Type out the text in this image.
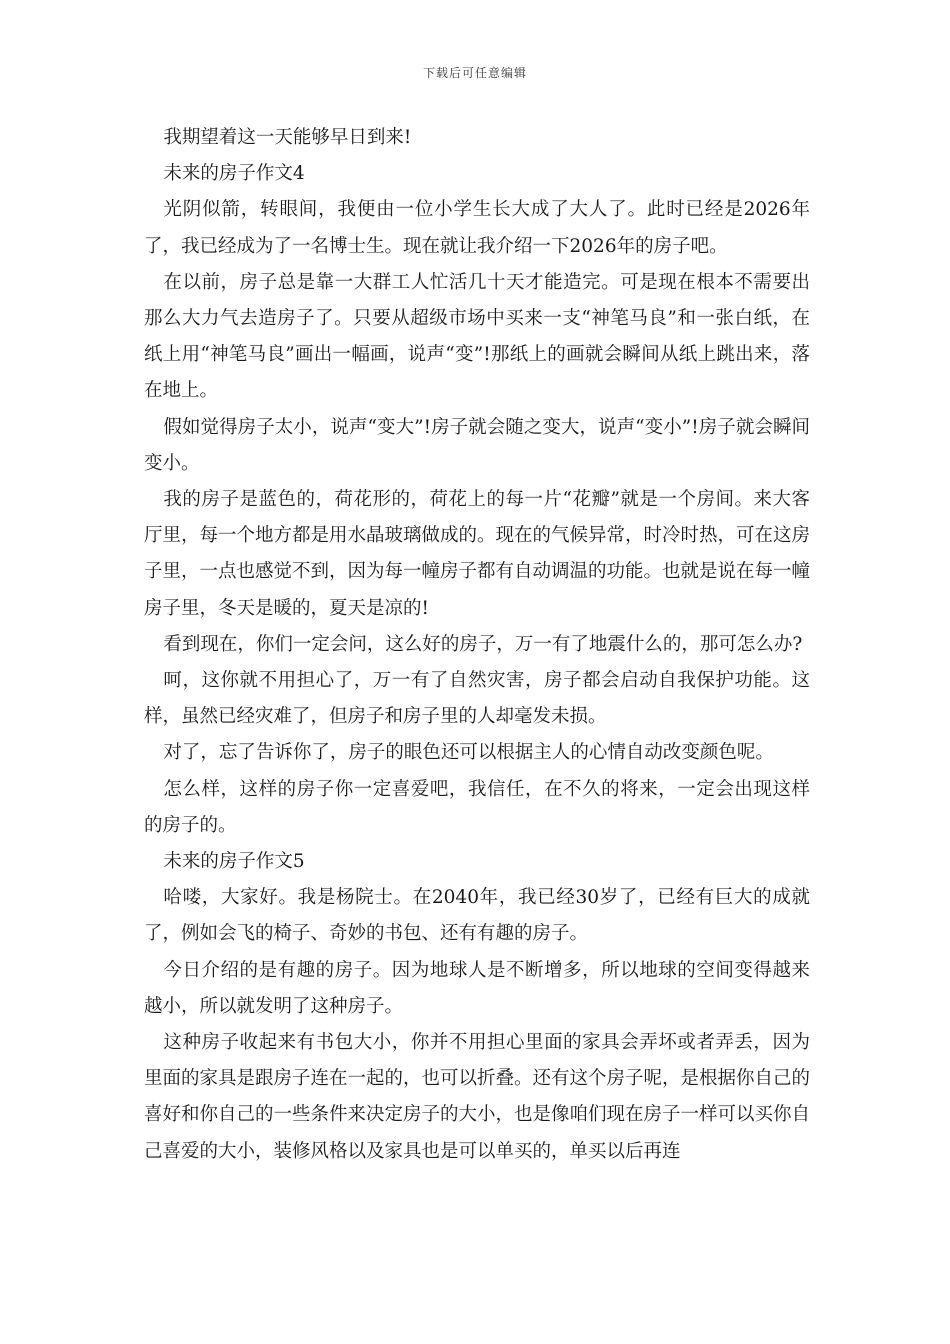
下载后可任意编辑

我期望着这一天能够早日到来!

未来的房子作文4

光阴似箭，转眼间，我便由一位小学生长大成了大人了。此时已经是2026年了，我已经成为了一名博士生。现在就让我介绍一下2026年的房子吧。

在以前，房子总是靠一大群工人忙活几十天才能造完。可是现在根本不需要出那么大力气去造房子了。只要从超级市场中买来一支“神笔马良”和一张白纸，在纸上用“神笔马良”画出一幅画，说声“变”!那纸上的画就会瞬间从纸上跳出来，落在地上。

假如觉得房子太小，说声“变大”!房子就会随之变大，说声“变小”!房子就会瞬间变小。

我的房子是蓝色的，荷花形的，荷花上的每一片“花瓣”就是一个房间。来大客厅里，每一个地方都是用水晶玻璃做成的。现在的气候异常，时冷时热，可在这房子里，一点也感觉不到，因为每一幢房子都有自动调温的功能。也就是说在每一幢房子里，冬天是暖的，夏天是凉的!

看到现在，你们一定会问，这么好的房子，万一有了地震什么的，那可怎么办?

呵，这你就不用担心了，万一有了自然灾害，房子都会启动自我保护功能。这样，虽然已经灾难了，但房子和房子里的人却毫发未损。

对了，忘了告诉你了，房子的眼色还可以根据主人的心情自动改变颜色呢。

怎么样，这样的房子你一定喜爱吧，我信任，在不久的将来，一定会出现这样的房子的。

未来的房子作文5

哈喽，大家好。我是杨院士。在2040年，我已经30岁了，已经有巨大的成就了，例如会飞的椅子、奇妙的书包、还有有趣的房子。

今日介绍的是有趣的房子。因为地球人是不断增多，所以地球的空间变得越来越小，所以就发明了这种房子。

这种房子收起来有书包大小，你并不用担心里面的家具会弄坏或者弄丢，因为里面的家具是跟房子连在一起的，也可以折叠。还有这个房子呢，是根据你自己的喜好和你自己的一些条件来决定房子的大小，也是像咱们现在房子一样可以买你自己喜爱的大小，装修风格以及家具也是可以单买的，单买以后再连
